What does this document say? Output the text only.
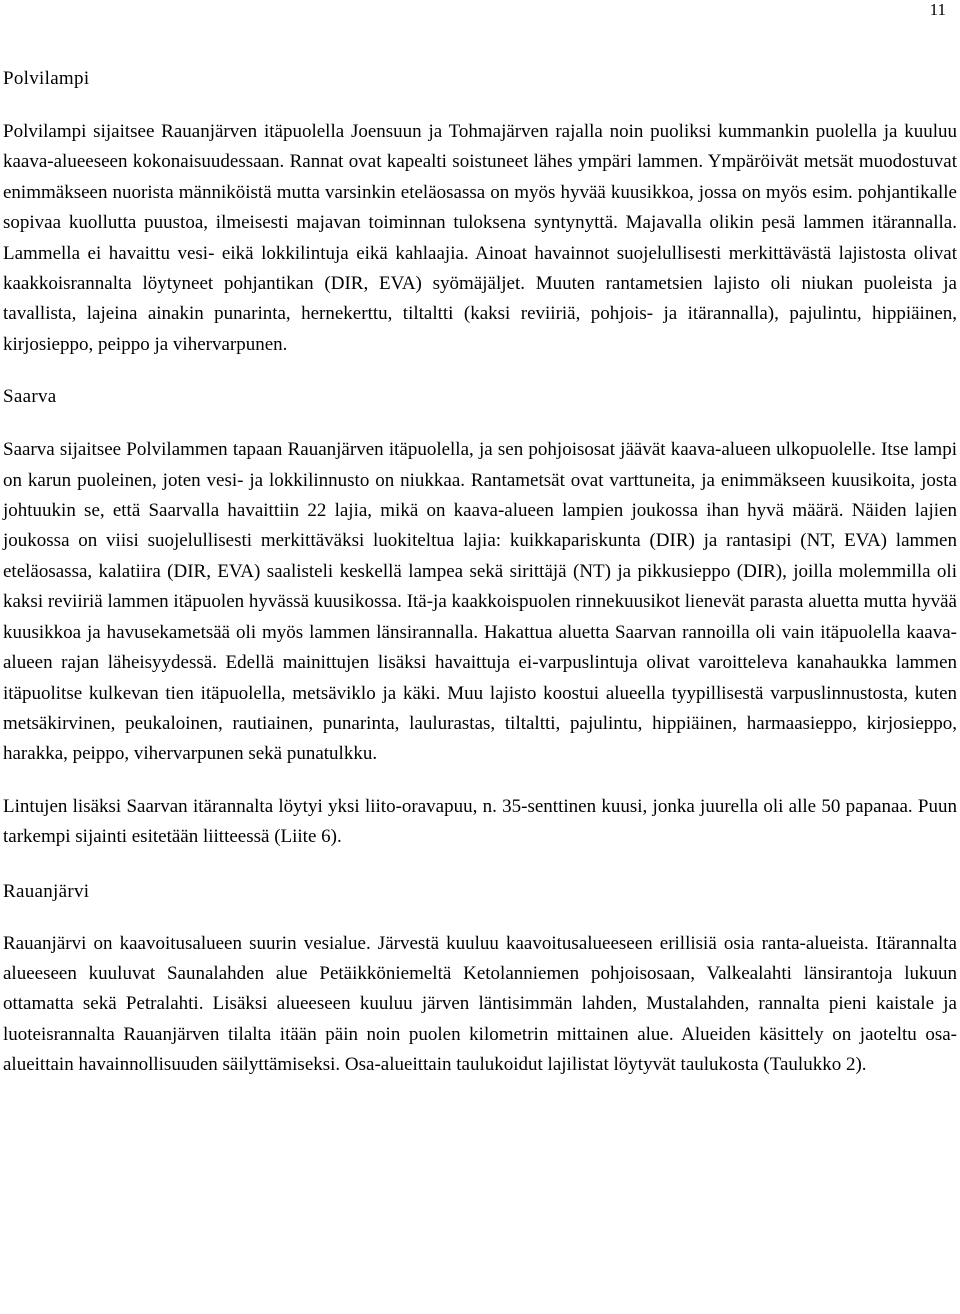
11
Polvilampi

Polvilampi sijaitsee Rauanjärven itäpuolella Joensuun ja Tohmajärven rajalla noin puoliksi kummankin puolella ja kuuluu kaava-alueeseen kokonaisuudessaan. Rannat ovat kapealti soistuneet lähes ympäri lammen. Ympäröivät metsät muodostuvat enimmäkseen nuorista männiköistä mutta varsinkin eteläosassa on myös hyvää kuusikkoa, jossa on myös esim. pohjantikalle sopivaa kuollutta puustoa, ilmeisesti majavan toiminnan tuloksena syntynyttä. Majavalla olikin pesä lammen itärannalla. Lammella ei havaittu vesi- eikä lokkilintuja eikä kahlaajia. Ainoat havainnot suojelullisesti merkittävästä lajistosta olivat kaakkoisrannalta löytyneet pohjantikan (DIR, EVA) syömäjäljet. Muuten rantametsien lajisto oli niukan puoleista ja tavallista, lajeina ainakin punarinta, hernekerttu, tiltaltti (kaksi reviiriä, pohjois- ja itärannalla), pajulintu, hippiäinen, kirjosieppo, peippo ja vihervarpunen.

Saarva

Saarva sijaitsee Polvilammen tapaan Rauanjärven itäpuolella, ja sen pohjoisosat jäävät kaava-alueen ulkopuolelle. Itse lampi on karun puoleinen, joten vesi- ja lokkilinnusto on niukkaa. Rantametsät ovat varttuneita, ja enimmäkseen kuusikoita, josta johtuukin se, että Saarvalla havaittiin 22 lajia, mikä on kaava-alueen lampien joukossa ihan hyvä määrä. Näiden lajien joukossa on viisi suojelullisesti merkittäväksi luokiteltua lajia: kuikkapariskunta (DIR) ja rantasipi (NT, EVA) lammen eteläosassa, kalatiira (DIR, EVA) saalisteli keskellä lampea sekä sirittäjä (NT) ja pikkusieppo (DIR), joilla molemmilla oli kaksi reviiriä lammen itäpuolen hyvässä kuusikossa. Itä-ja kaakkoispuolen rinnekuusikot lienevät parasta aluetta mutta hyvää kuusikkoa ja havusekametsää oli myös lammen länsirannalla. Hakattua aluetta Saarvan rannoilla oli vain itäpuolella kaava-alueen rajan läheisyydessä. Edellä mainittujen lisäksi havaittuja ei-varpuslintuja olivat varoitteleva kanahaukka lammen itäpuolitse kulkevan tien itäpuolella, metsäviklo ja käki. Muu lajisto koostui alueella tyypillisestä varpuslinnustosta, kuten metsäkirvinen, peukaloinen, rautiainen, punarinta, laulurastas, tiltaltti, pajulintu, hippiäinen, harmaasieppo, kirjosieppo, harakka, peippo, vihervarpunen sekä punatulkku.

Lintujen lisäksi Saarvan itärannalta löytyi yksi liito-oravapuu, n. 35-senttinen kuusi, jonka juurella oli alle 50 papanaa. Puun tarkempi sijainti esitetään liitteessä (Liite 6).

Rauanjärvi

Rauanjärvi on kaavoitusalueen suurin vesialue. Järvestä kuuluu kaavoitusalueeseen erillisiä osia ranta-alueista. Itärannalta alueeseen kuuluvat Saunalahden alue Petäikköniemeltä Ketolanniemen pohjoisosaan, Valkealahti länsirantoja lukuun ottamatta sekä Petralahti. Lisäksi alueeseen kuuluu järven läntisimmän lahden, Mustalahden, rannalta pieni kaistale ja luoteisrannalta Rauanjärven tilalta itään päin noin puolen kilometrin mittainen alue. Alueiden käsittely on jaoteltu osa-alueittain havainnollisuuden säilyttämiseksi. Osa-alueittain taulukoidut lajilistat löytyvät taulukosta (Taulukko 2).
